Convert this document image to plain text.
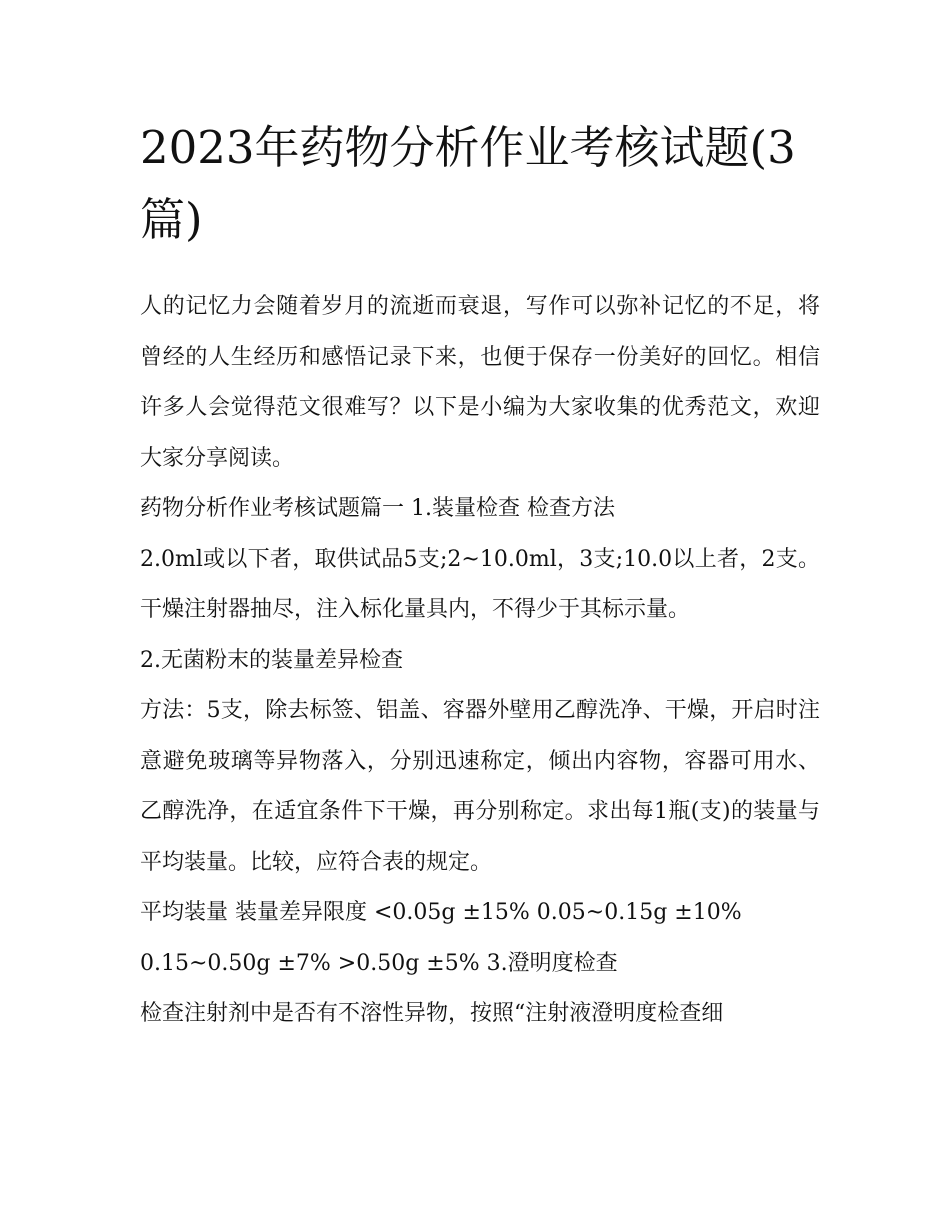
2023年药物分析作业考核试题(3篇)

人的记忆力会随着岁月的流逝而衰退，写作可以弥补记忆的不足，将曾经的人生经历和感悟记录下来，也便于保存一份美好的回忆。相信许多人会觉得范文很难写？以下是小编为大家收集的优秀范文，欢迎大家分享阅读。

药物分析作业考核试题篇一 1.装量检查 检查方法

2.0ml或以下者，取供试品5支;2~10.0ml，3支;10.0以上者，2支。干燥注射器抽尽，注入标化量具内，不得少于其标示量。

2.无菌粉末的装量差异检查

方法：5支，除去标签、铝盖、容器外壁用乙醇洗净、干燥，开启时注意避免玻璃等异物落入，分别迅速称定，倾出内容物，容器可用水、乙醇洗净，在适宜条件下干燥，再分别称定。求出每1瓶(支)的装量与平均装量。比较，应符合表的规定。

平均装量 装量差异限度 <0.05g ±15% 0.05~0.15g ±10%

0.15~0.50g ±7% >0.50g ±5% 3.澄明度检查

检查注射剂中是否有不溶性异物，按照“注射液澄明度检查细
